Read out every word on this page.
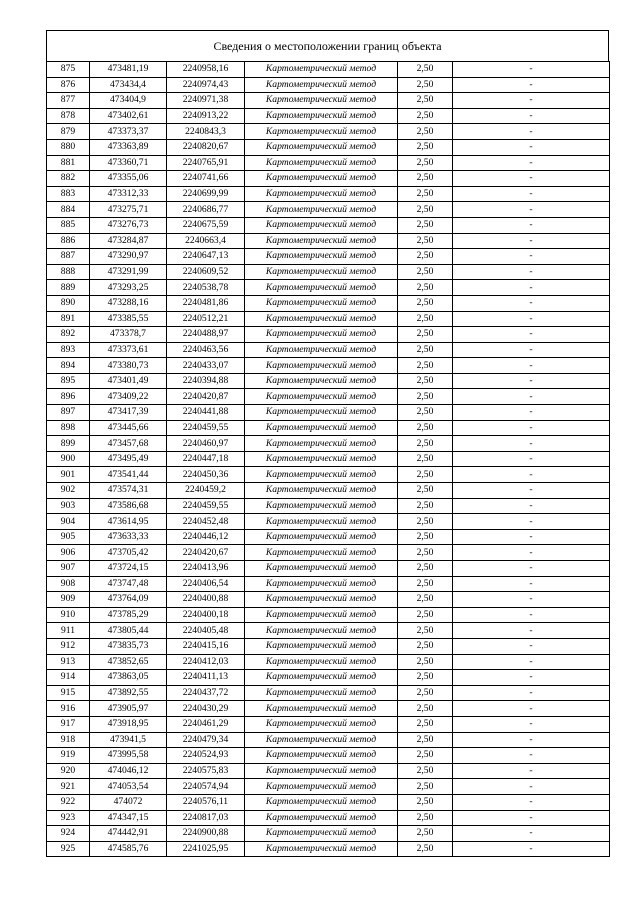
Сведения о местоположении границ объекта
875	473481,19	2240958,16	Картометрический метод	2,50	-
876	473434,4	2240974,43	Картометрический метод	2,50	-
877	473404,9	2240971,38	Картометрический метод	2,50	-
878	473402,61	2240913,22	Картометрический метод	2,50	-
879	473373,37	2240843,3	Картометрический метод	2,50	-
880	473363,89	2240820,67	Картометрический метод	2,50	-
881	473360,71	2240765,91	Картометрический метод	2,50	-
882	473355,06	2240741,66	Картометрический метод	2,50	-
883	473312,33	2240699,99	Картометрический метод	2,50	-
884	473275,71	2240686,77	Картометрический метод	2,50	-
885	473276,73	2240675,59	Картометрический метод	2,50	-
886	473284,87	2240663,4	Картометрический метод	2,50	-
887	473290,97	2240647,13	Картометрический метод	2,50	-
888	473291,99	2240609,52	Картометрический метод	2,50	-
889	473293,25	2240538,78	Картометрический метод	2,50	-
890	473288,16	2240481,86	Картометрический метод	2,50	-
891	473385,55	2240512,21	Картометрический метод	2,50	-
892	473378,7	2240488,97	Картометрический метод	2,50	-
893	473373,61	2240463,56	Картометрический метод	2,50	-
894	473380,73	2240433,07	Картометрический метод	2,50	-
895	473401,49	2240394,88	Картометрический метод	2,50	-
896	473409,22	2240420,87	Картометрический метод	2,50	-
897	473417,39	2240441,88	Картометрический метод	2,50	-
898	473445,66	2240459,55	Картометрический метод	2,50	-
899	473457,68	2240460,97	Картометрический метод	2,50	-
900	473495,49	2240447,18	Картометрический метод	2,50	-
901	473541,44	2240450,36	Картометрический метод	2,50	-
902	473574,31	2240459,2	Картометрический метод	2,50	-
903	473586,68	2240459,55	Картометрический метод	2,50	-
904	473614,95	2240452,48	Картометрический метод	2,50	-
905	473633,33	2240446,12	Картометрический метод	2,50	-
906	473705,42	2240420,67	Картометрический метод	2,50	-
907	473724,15	2240413,96	Картометрический метод	2,50	-
908	473747,48	2240406,54	Картометрический метод	2,50	-
909	473764,09	2240400,88	Картометрический метод	2,50	-
910	473785,29	2240400,18	Картометрический метод	2,50	-
911	473805,44	2240405,48	Картометрический метод	2,50	-
912	473835,73	2240415,16	Картометрический метод	2,50	-
913	473852,65	2240412,03	Картометрический метод	2,50	-
914	473863,05	2240411,13	Картометрический метод	2,50	-
915	473892,55	2240437,72	Картометрический метод	2,50	-
916	473905,97	2240430,29	Картометрический метод	2,50	-
917	473918,95	2240461,29	Картометрический метод	2,50	-
918	473941,5	2240479,34	Картометрический метод	2,50	-
919	473995,58	2240524,93	Картометрический метод	2,50	-
920	474046,12	2240575,83	Картометрический метод	2,50	-
921	474053,54	2240574,94	Картометрический метод	2,50	-
922	474072	2240576,11	Картометрический метод	2,50	-
923	474347,15	2240817,03	Картометрический метод	2,50	-
924	474442,91	2240900,88	Картометрический метод	2,50	-
925	474585,76	2241025,95	Картометрический метод	2,50	-
